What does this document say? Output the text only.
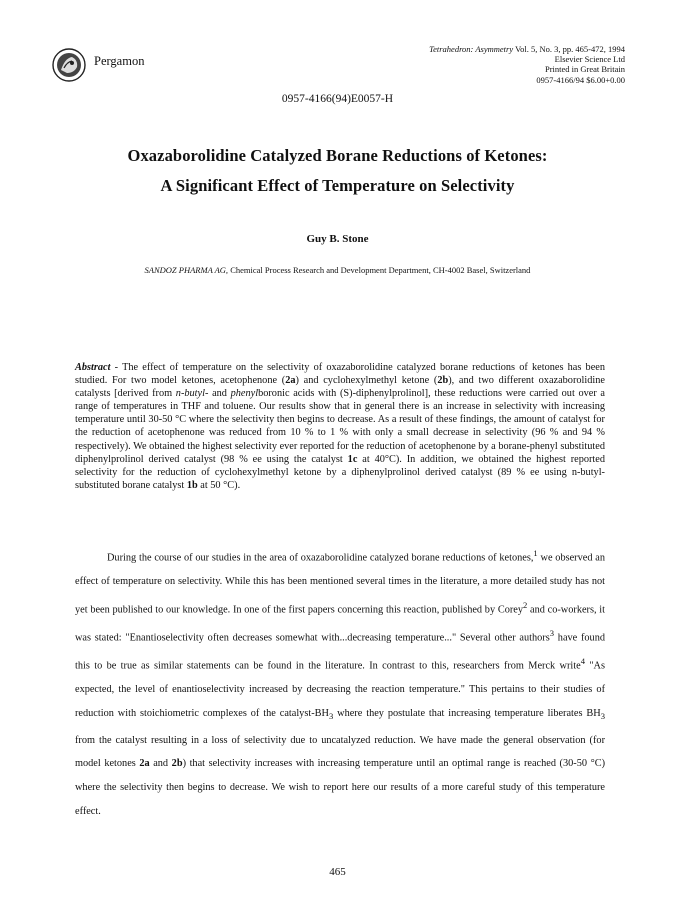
Pergamon
Tetrahedron: Asymmetry Vol. 5, No. 3, pp. 465-472, 1994
Elsevier Science Ltd
Printed in Great Britain
0957-4166/94 $6.00+0.00
0957-4166(94)E0057-H
Oxazaborolidine Catalyzed Borane Reductions of Ketones:
A Significant Effect of Temperature on Selectivity
Guy B. Stone
SANDOZ PHARMA AG, Chemical Process Research and Development Department, CH-4002 Basel, Switzerland
Abstract - The effect of temperature on the selectivity of oxazaborolidine catalyzed borane reductions of ketones has been studied. For two model ketones, acetophenone (2a) and cyclohexylmethyl ketone (2b), and two different oxazaborolidine catalysts [derived from n-butyl- and phenylboronic acids with (S)-diphenylprolinol], these reductions were carried out over a range of temperatures in THF and toluene. Our results show that in general there is an increase in selectivity with increasing temperature until 30-50 °C where the selectivity then begins to decrease. As a result of these findings, the amount of catalyst for the reduction of acetophenone was reduced from 10 % to 1 % with only a small decrease in selectivity (96 % and 94 % respectively). We obtained the highest selectivity ever reported for the reduction of acetophenone by a borane-phenyl substituted diphenylprolinol derived catalyst (98 % ee using the catalyst 1c at 40°C). In addition, we obtained the highest reported selectivity for the reduction of cyclohexylmethyl ketone by a diphenylprolinol derived catalyst (89 % ee using n-butyl-substituted borane catalyst 1b at 50 °C).

During the course of our studies in the area of oxazaborolidine catalyzed borane reductions of ketones,$^1$ we observed an effect of temperature on selectivity. While this has been mentioned several times in the literature, a more detailed study has not yet been published to our knowledge. In one of the first papers concerning this reaction, published by Corey$^2$ and co-workers, it was stated: "Enantioselectivity often decreases somewhat with...decreasing temperature..." Several other authors$^3$ have found this to be true as similar statements can be found in the literature. In contrast to this, researchers from Merck write$^4$ "As expected, the level of enantioselectivity increased by decreasing the reaction temperature." This pertains to their studies of reduction with stoichiometric complexes of the catalyst-$BH_3$ where they postulate that increasing temperature liberates $BH_3$ from the catalyst resulting in a loss of selectivity due to uncatalyzed reduction. We have made the general observation (for model ketones 2a and 2b) that selectivity increases with increasing temperature until an optimal range is reached (30-50 °C) where the selectivity then begins to decrease. We wish to report here our results of a more careful study of this temperature effect.

465
